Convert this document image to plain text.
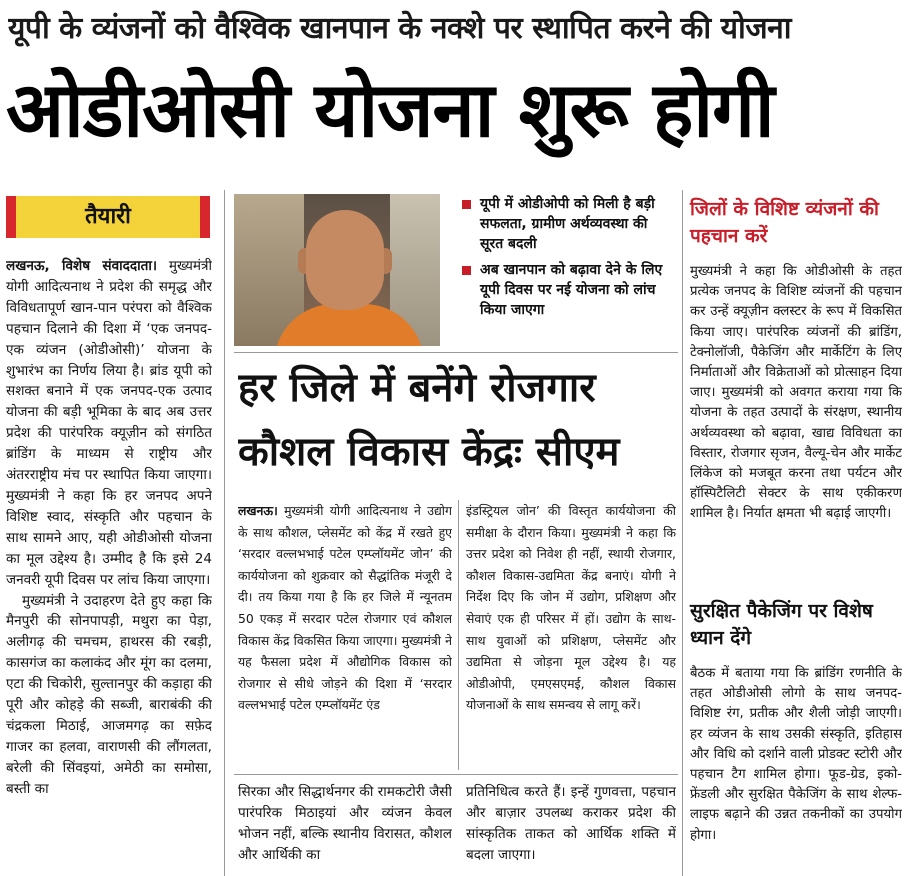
यूपी के व्यंजनों को वैश्विक खानपान के नक्शे पर स्थापित करने की योजना
ओडीओसी योजना शुरू होगी
तैयारी

लखनऊ, विशेष संवाददाता। मुख्यमंत्री योगी आदित्यनाथ ने प्रदेश की समृद्ध और विविधतापूर्ण खान-पान परंपरा को वैश्विक पहचान दिलाने की दिशा में ‘एक जनपद-एक व्यंजन (ओडीओसी)’ योजना के शुभारंभ का निर्णय लिया है। ब्रांड यूपी को सशक्त बनाने में एक जनपद-एक उत्पाद योजना की बड़ी भूमिका के बाद अब उत्तर प्रदेश की पारंपरिक क्यूज़ीन को संगठित ब्रांडिंग के माध्यम से राष्ट्रीय और अंतरराष्ट्रीय मंच पर स्थापित किया जाएगा। मुख्यमंत्री ने कहा कि हर जनपद अपने विशिष्ट स्वाद, संस्कृति और पहचान के साथ सामने आए, यही ओडीओसी योजना का मूल उद्देश्य है। उम्मीद है कि इसे 24 जनवरी यूपी दिवस पर लांच किया जाएगा।

मुख्यमंत्री ने उदाहरण देते हुए कहा कि मैनपुरी की सोनपापड़ी, मथुरा का पेड़ा, अलीगढ़ की चमचम, हाथरस की रबड़ी, कासगंज का कलाकंद और मूंग का दलमा, एटा की चिकोरी, सुल्तानपुर की कड़ाहा की पूरी और कोहड़े की सब्जी, बाराबंकी की चंद्रकला मिठाई, आजमगढ़ का सफ़ेद गाजर का हलवा, वाराणसी की लौंगलता, बरेली की सिंवइयां, अमेठी का समोसा, बस्ती का

यूपी में ओडीओपी को मिली है बड़ी सफलता, ग्रामीण अर्थव्यवस्था की सूरत बदली
अब खानपान को बढ़ावा देने के लिए यूपी दिवस पर नई योजना को लांच किया जाएगा
हर जिले में बनेंगे रोजगार कौशल विकास केंद्रः सीएम

लखनऊ। मुख्यमंत्री योगी आदित्यनाथ ने उद्योग के साथ कौशल, प्लेसमेंट को केंद्र में रखते हुए ‘सरदार वल्लभभाई पटेल एम्प्लॉयमेंट जोन’ की कार्ययोजना को शुक्रवार को सैद्धांतिक मंजूरी दे दी। तय किया गया है कि हर जिले में न्यूनतम 50 एकड़ में सरदार पटेल रोजगार एवं कौशल विकास केंद्र विकसित किया जाएगा। मुख्यमंत्री ने यह फैसला प्रदेश में औद्योगिक विकास को रोजगार से सीधे जोड़ने की दिशा में ‘सरदार वल्लभभाई पटेल एम्प्लॉयमेंट एंड

इंडस्ट्रियल जोन’ की विस्तृत कार्ययोजना की समीक्षा के दौरान किया। मुख्यमंत्री ने कहा कि उत्तर प्रदेश को निवेश ही नहीं, स्थायी रोजगार, कौशल विकास-उद्यमिता केंद्र बनाएं। योगी ने निर्देश दिए कि जोन में उद्योग, प्रशिक्षण और सेवाएं एक ही परिसर में हों। उद्योग के साथ-साथ युवाओं को प्रशिक्षण, प्लेसमेंट और उद्यमिता से जोड़ना मूल उद्देश्य है। यह ओडीओपी, एमएसएमई, कौशल विकास योजनाओं के साथ समन्वय से लागू करें।

सिरका और सिद्धार्थनगर की रामकटोरी जैसी पारंपरिक मिठाइयां और व्यंजन केवल भोजन नहीं, बल्कि स्थानीय विरासत, कौशल और आर्थिकी का

प्रतिनिधित्व करते हैं। इन्हें गुणवत्ता, पहचान और बाज़ार उपलब्ध कराकर प्रदेश की सांस्कृतिक ताकत को आर्थिक शक्ति में बदला जाएगा।

जिलों के विशिष्ट व्यंजनों की पहचान करें

मुख्यमंत्री ने कहा कि ओडीओसी के तहत प्रत्येक जनपद के विशिष्ट व्यंजनों की पहचान कर उन्हें क्यूज़ीन क्लस्टर के रूप में विकसित किया जाए। पारंपरिक व्यंजनों की ब्रांडिंग, टेक्नोलॉजी, पैकेजिंग और मार्केटिंग के लिए निर्माताओं और विक्रेताओं को प्रोत्साहन दिया जाए। मुख्यमंत्री को अवगत कराया गया कि योजना के तहत उत्पादों के संरक्षण, स्थानीय अर्थव्यवस्था को बढ़ावा, खाद्य विविधता का विस्तार, रोजगार सृजन, वैल्यू-चेन और मार्केट लिंकेज को मजबूत करना तथा पर्यटन और हॉस्पिटैलिटी सेक्टर के साथ एकीकरण शामिल है। निर्यात क्षमता भी बढ़ाई जाएगी।

सुरक्षित पैकेजिंग पर विशेष ध्यान देंगे

बैठक में बताया गया कि ब्रांडिंग रणनीति के तहत ओडीओसी लोगो के साथ जनपद-विशिष्ट रंग, प्रतीक और शैली जोड़ी जाएगी। हर व्यंजन के साथ उसकी संस्कृति, इतिहास और विधि को दर्शाने वाली प्रोडक्ट स्टोरी और पहचान टैग शामिल होगा। फूड-ग्रेड, इको-फ्रेंडली और सुरक्षित पैकेजिंग के साथ शेल्फ-लाइफ बढ़ाने की उन्नत तकनीकों का उपयोग होगा।
